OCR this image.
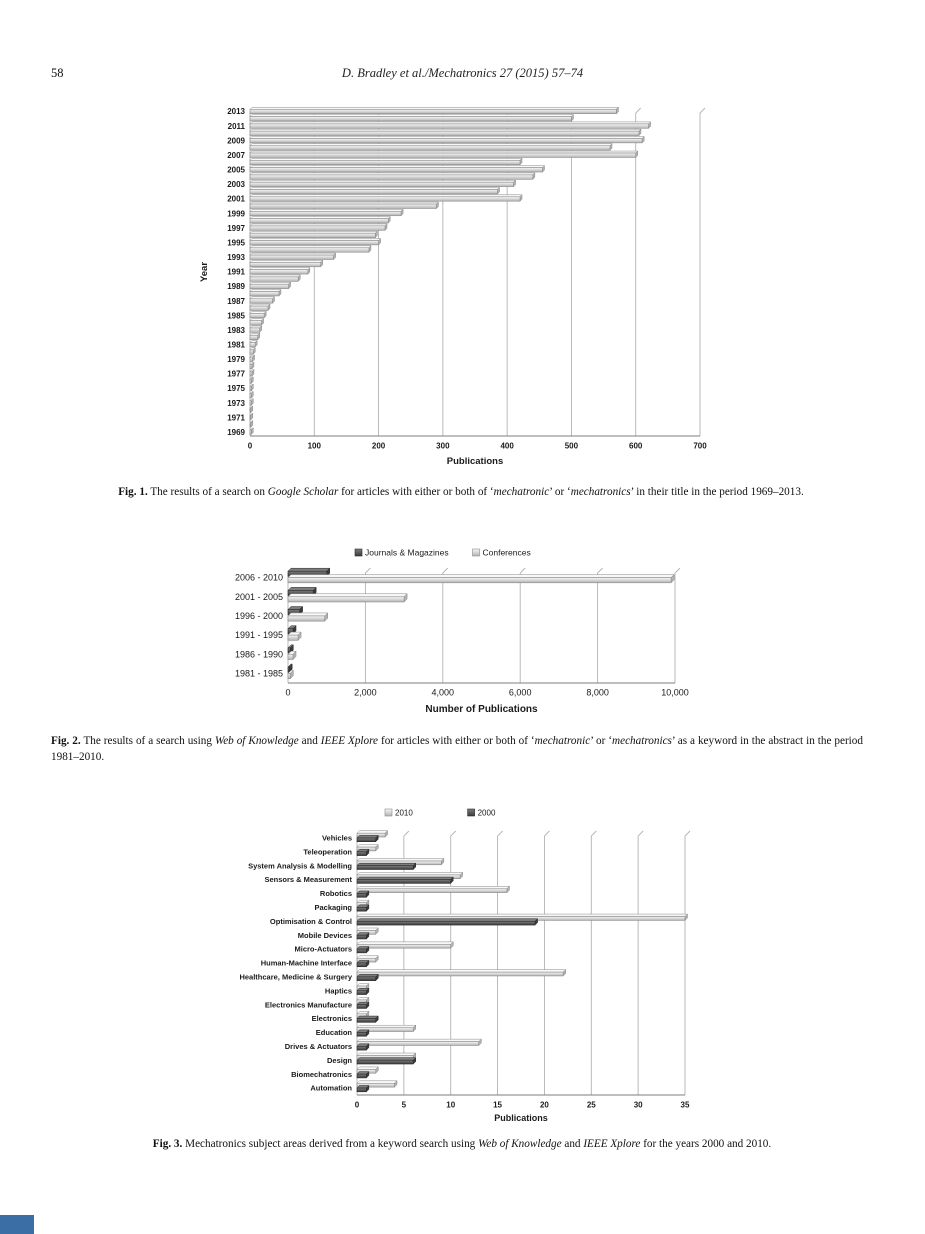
58	D. Bradley et al./Mechatronics 27 (2015) 57–74
0	100	200	300	400	500	600	700
2013
2011
2009
2007
2005
2003
2001
1999
1997
1995
1993
1991
1989
1987
1985
1983
1981
1979
1977
1975
1973
1971
1969
Year
Publications
Fig. 1. The results of a search on Google Scholar for articles with either or both of ‘mechatronic’ or ‘mechatronics’ in their title in the period 1969–2013.
0	2,000	4,000	6,000	8,000	10,000
2006 - 2010
2001 - 2005
1996 - 2000
1991 - 1995
1986 - 1990
1981 - 1985
Number of Publications
Journals & Magazines	Conferences
Fig. 2. The results of a search using Web of Knowledge and IEEE Xplore for articles with either or both of ‘mechatronic’ or ‘mechatronics’ as a keyword in the abstract in the period 1981–2010.
0	5	10	15	20	25	30	35
Vehicles
Teleoperation
System Analysis & Modelling
Sensors & Measurement
Robotics
Packaging
Optimisation & Control
Mobile Devices
Micro-Actuators
Human-Machine Interface
Healthcare, Medicine & Surgery
Haptics
Electronics Manufacture
Electronics
Education
Drives & Actuators
Design
Biomechatronics
Automation
Publications
2010	2000
Fig. 3. Mechatronics subject areas derived from a keyword search using Web of Knowledge and IEEE Xplore for the years 2000 and 2010.
